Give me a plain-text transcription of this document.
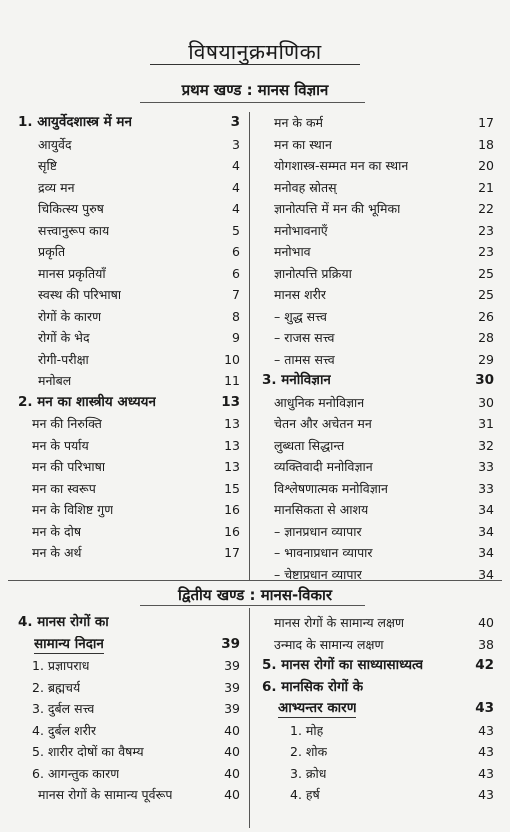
विषयानुक्रमणिका
प्रथम खण्ड : मानस विज्ञान
1. आयुर्वेदशास्त्र में मन	3
आयुर्वेद	3
सृष्टि	4
द्रव्य मन	4
चिकित्स्य पुरुष	4
सत्त्वानुरूप काय	5
प्रकृति	6
मानस प्रकृतियाँ	6
स्वस्थ की परिभाषा	7
रोगों के कारण	8
रोगों के भेद	9
रोगी-परीक्षा	10
मनोबल	11
2. मन का शास्त्रीय अध्ययन	13
मन की निरुक्ति	13
मन के पर्याय	13
मन की परिभाषा	13
मन का स्वरूप	15
मन के विशिष्ट गुण	16
मन के दोष	16
मन के अर्थ	17
मन के कर्म	17
मन का स्थान	18
योगशास्त्र-सम्मत मन का स्थान	20
मनोवह स्रोतस्	21
ज्ञानोत्पत्ति में मन की भूमिका	22
मनोभावनाएँ	23
मनोभाव	23
ज्ञानोत्पत्ति प्रक्रिया	25
मानस शरीर	25
– शुद्ध सत्त्व	26
– राजस सत्त्व	28
– तामस सत्त्व	29
3. मनोविज्ञान	30
आधुनिक मनोविज्ञान	30
चेतन और अचेतन मन	31
लुब्धता सिद्धान्त	32
व्यक्तिवादी मनोविज्ञान	33
विश्लेषणात्मक मनोविज्ञान	33
मानसिकता से आशय	34
– ज्ञानप्रधान व्यापार	34
– भावनाप्रधान व्यापार	34
– चेष्टाप्रधान व्यापार	34
द्वितीय खण्ड : मानस-विकार
4. मानस रोगों का
सामान्य निदान	39
1. प्रज्ञापराध	39
2. ब्रह्मचर्य	39
3. दुर्बल सत्त्व	39
4. दुर्बल शरीर	40
5. शारीर दोषों का वैषम्य	40
6. आगन्तुक कारण	40
मानस रोगों के सामान्य पूर्वरूप	40
मानस रोगों के सामान्य लक्षण	40
उन्माद के सामान्य लक्षण	38
5. मानस रोगों का साध्यासाध्यत्व	42
6. मानसिक रोगों के
आभ्यन्तर कारण	43
1. मोह	43
2. शोक	43
3. क्रोध	43
4. हर्ष	43
